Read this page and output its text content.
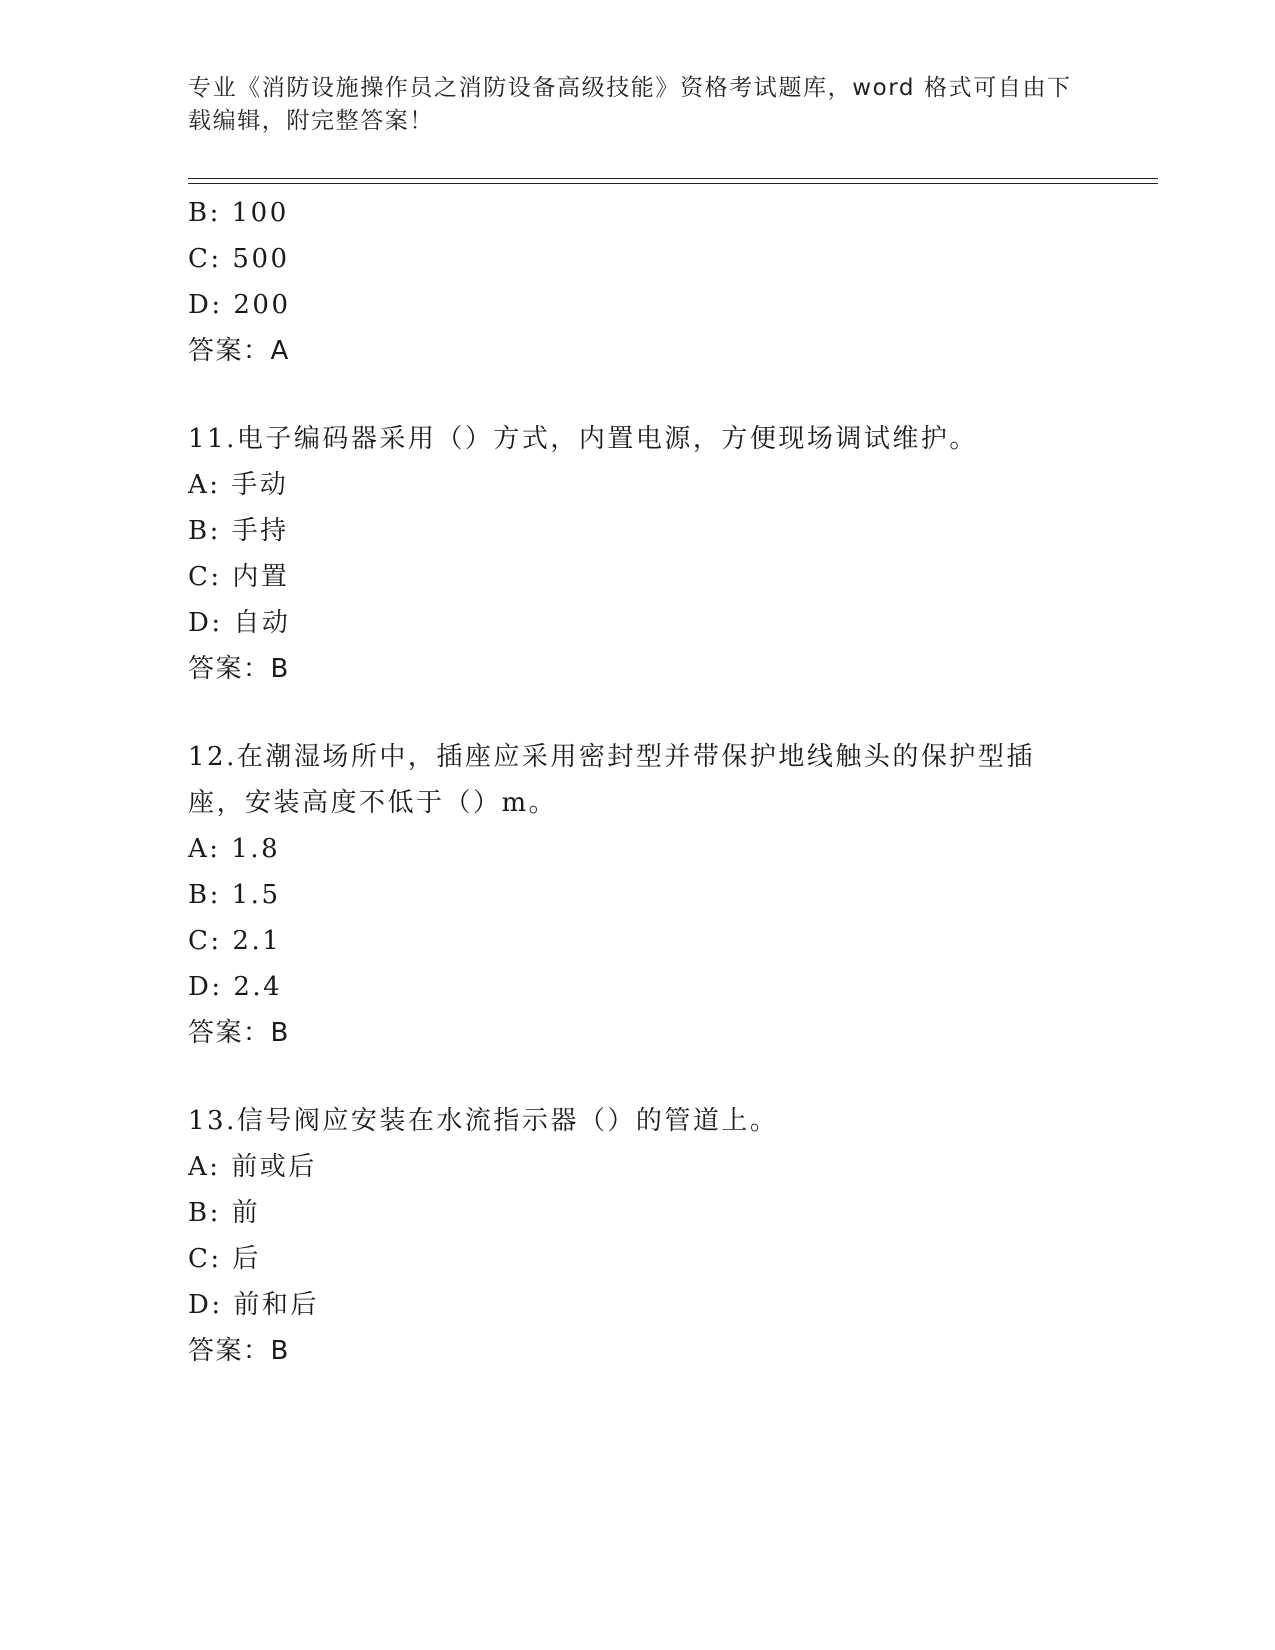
专业《消防设施操作员之消防设备高级技能》资格考试题库，word 格式可自由下载编辑，附完整答案！
B: 100
C: 500
D: 200
答案：A
11.电子编码器采用（）方式，内置电源，方便现场调试维护。
A: 手动
B: 手持
C: 内置
D: 自动
答案：B
12.在潮湿场所中，插座应采用密封型并带保护地线触头的保护型插座，安装高度不低于（）m。
A: 1.8
B: 1.5
C: 2.1
D: 2.4
答案：B
13.信号阀应安装在水流指示器（）的管道上。
A: 前或后
B: 前
C: 后
D: 前和后
答案：B
